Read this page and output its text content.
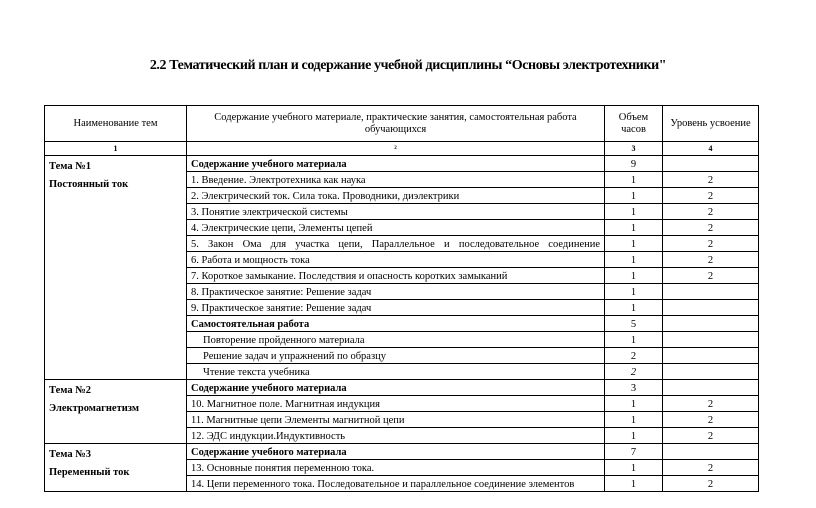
2.2 Тематический план и содержание учебной дисциплины “Основы электротехники"
Наименование тем	Содержание учебного материале, практические занятия, самостоятельная работа обучающихся	Объем часов	Уровень усвоение
1	2	3	4

Тема №1
Постоянный ток	Содержание учебного материала	9	
	1. Введение. Электротехника как наука	1	2
	2. Электрический ток. Сила тока. Проводники, диэлектрики	1	2
	3. Понятие электрической системы	1	2
	4. Электрические цепи, Элементы цепей	1	2
	5. Закон Ома для участка цепи, Параллельное и последовательное соединение	1	2
	6. Работа и мощность тока	1	2
	7. Короткое замыкание. Последствия и опасность коротких замыканий	1	2
	8. Практическое занятие: Решение задач	1	
	9. Практическое занятие: Решение задач	1	
	Самостоятельная работа	5	
	Повторение пройденного материала	1	
	Решение задач и упражнений по образцу	2	
	Чтение текста учебника	2	

Тема №2
Электромагнетизм	Содержание учебного материала	3	
	10. Магнитное поле. Магнитная индукция	1	2
	11. Магнитные цепи Элементы магнитной цепи	1	2
	12. ЭДС индукции.Индуктивность	1	2

Тема №3
Переменный ток	Содержание учебного материала	7	
	13. Основные понятия переменною тока.	1	2
	14. Цепи переменного тока. Последовательное и параллельное соединение элементов	1	2
